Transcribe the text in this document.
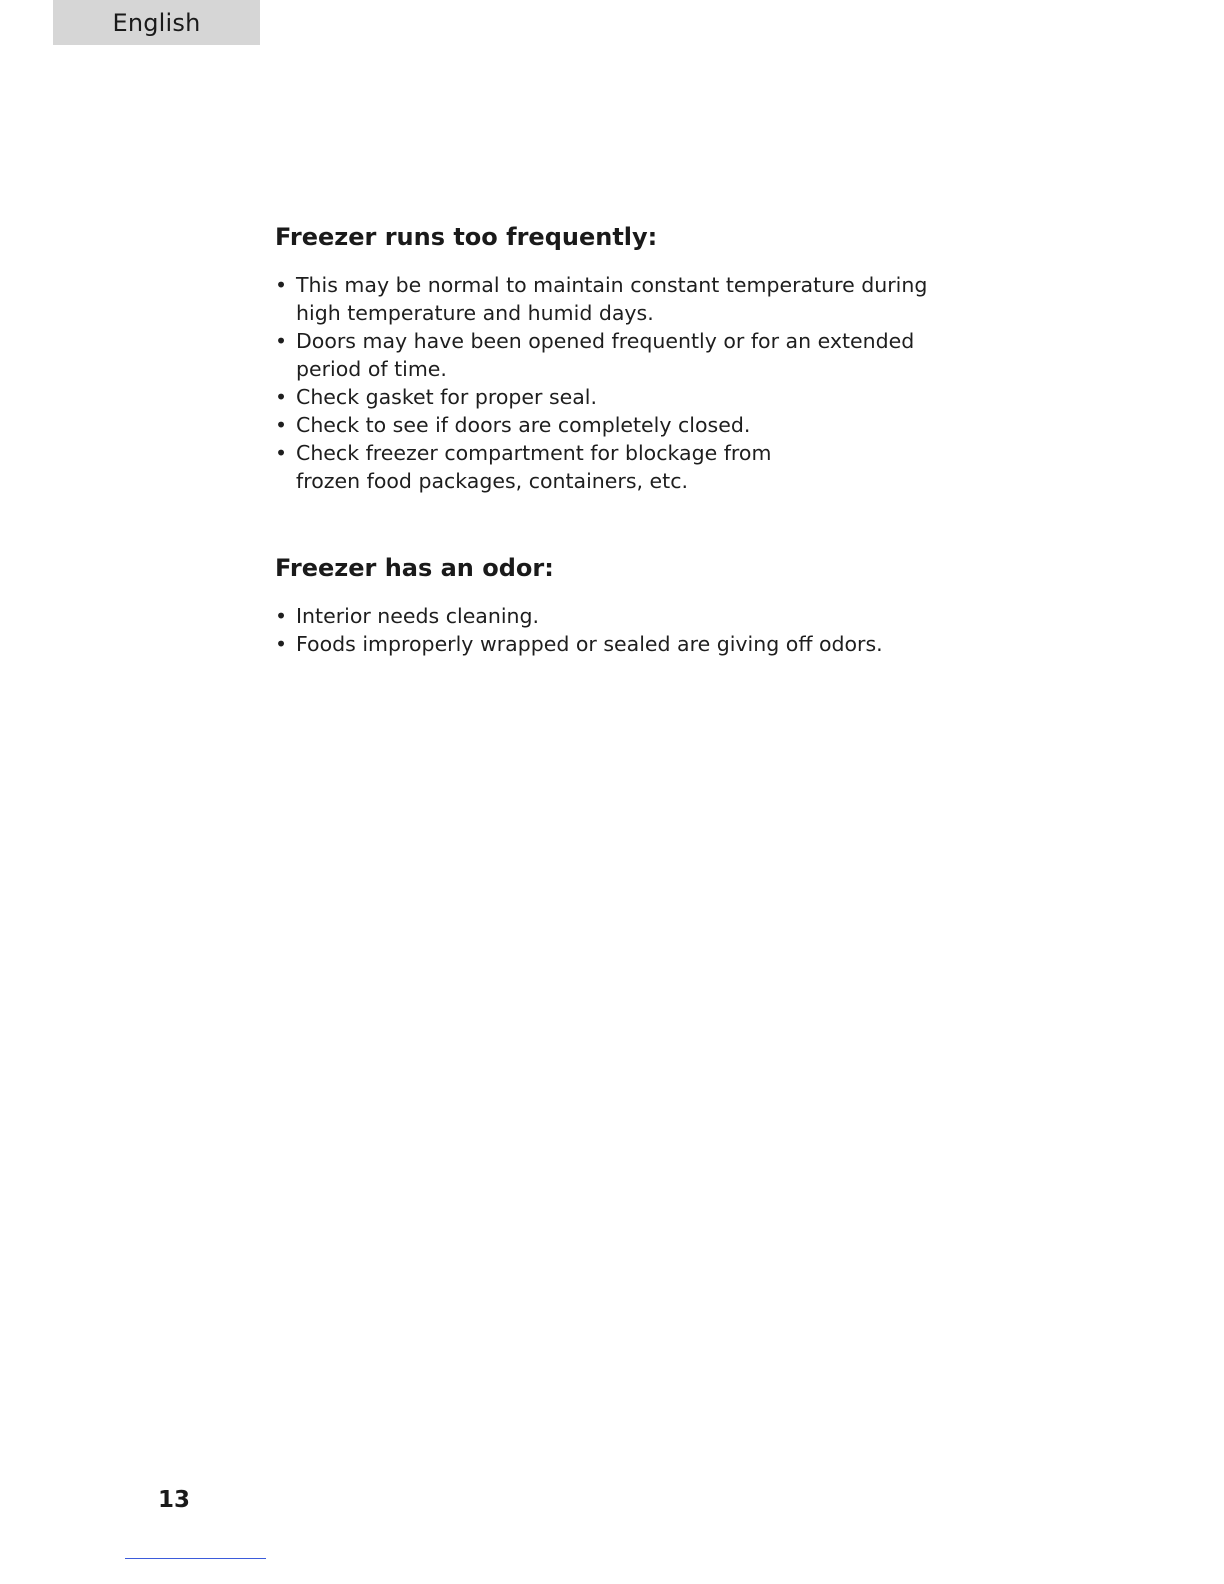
English
Freezer runs too frequently:
• This may be normal to maintain constant temperature during
high temperature and humid days.
• Doors may have been opened frequently or for an extended
period of time.
• Check gasket for proper seal.
• Check to see if doors are completely closed.
• Check freezer compartment for blockage from
frozen food packages, containers, etc.
Freezer has an odor:
• Interior needs cleaning.
• Foods improperly wrapped or sealed are giving off odors.
13
